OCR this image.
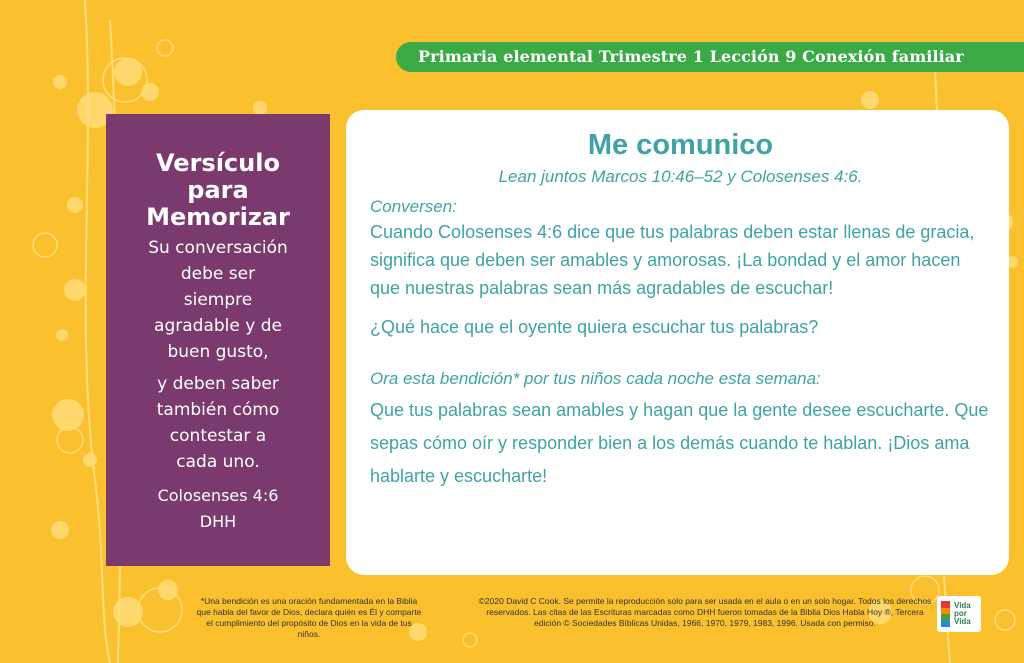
Primaria elemental Trimestre 1 Lección 9 Conexión familiar
Versículo
para
Memorizar
Su conversación
debe ser
siempre
agradable y de
buen gusto,
y deben saber
también cómo
contestar a
cada uno.
Colosenses 4:6
DHH
Me comunico
Lean juntos Marcos 10:46–52 y Colosenses 4:6.
Conversen:
Cuando Colosenses 4:6 dice que tus palabras deben estar llenas de gracia, significa que deben ser amables y amorosas. ¡La bondad y el amor hacen que nuestras palabras sean más agradables de escuchar!
¿Qué hace que el oyente quiera escuchar tus palabras?
Ora esta bendición* por tus niños cada noche esta semana:
Que tus palabras sean amables y hagan que la gente desee escucharte. Que sepas cómo oír y responder bien a los demás cuando te hablan. ¡Dios ama hablarte y escucharte!
*Una bendición es una oración fundamentada en la Biblia que habla del favor de Dios, declara quién es Él y comparte el cumplimiento del propósito de Dios en la vida de tus niños.
©2020 David C Cook. Se permite la reproducción solo para ser usada en el aula o en un solo hogar. Todos los derechos reservados. Las citas de las Escrituras marcadas como DHH fueron tomadas de la Biblia Dios Habla Hoy ®, Tercera edición © Sociedades Bíblicas Unidas, 1966, 1970, 1979, 1983, 1996. Usada con permiso.
Vida
por
Vida
